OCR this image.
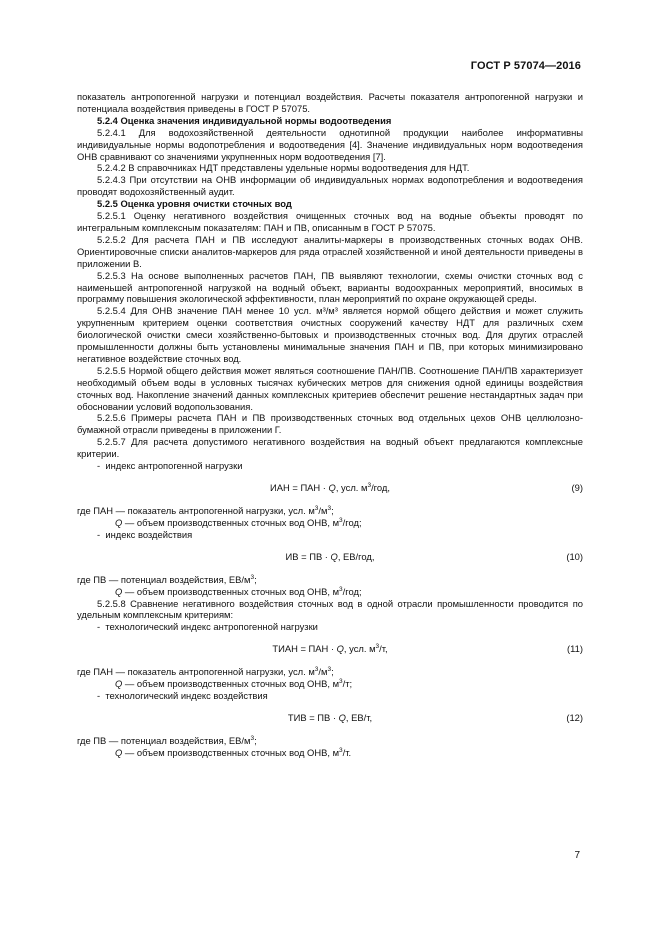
ГОСТ Р 57074—2016

показатель антропогенной нагрузки и потенциал воздействия. Расчеты показателя антропогенной нагрузки и потенциала воздействия приведены в ГОСТ Р 57075.

5.2.4 Оценка значения индивидуальной нормы водоотведения

5.2.4.1 Для водохозяйственной деятельности однотипной продукции наиболее информативны индивидуальные нормы водопотребления и водоотведения [4]. Значение индивидуальных норм водоотведения ОНВ сравнивают со значениями укрупненных норм водоотведения [7].

5.2.4.2 В справочниках НДТ представлены удельные нормы водоотведения для НДТ.

5.2.4.3 При отсутствии на ОНВ информации об индивидуальных нормах водопотребления и водоотведения проводят водохозяйственный аудит.

5.2.5 Оценка уровня очистки сточных вод

5.2.5.1 Оценку негативного воздействия очищенных сточных вод на водные объекты проводят по интегральным комплексным показателям: ПАН и ПВ, описанным в ГОСТ Р 57075.

5.2.5.2 Для расчета ПАН и ПВ исследуют аналиты-маркеры в производственных сточных водах ОНВ. Ориентировочные списки аналитов-маркеров для ряда отраслей хозяйственной и иной деятельности приведены в приложении В.

5.2.5.3 На основе выполненных расчетов ПАН, ПВ выявляют технологии, схемы очистки сточных вод с наименьшей антропогенной нагрузкой на водный объект, варианты водоохранных мероприятий, вносимых в программу повышения экологической эффективности, план мероприятий по охране окружающей среды.

5.2.5.4 Для ОНВ значение ПАН менее 10 усл. м³/м³ является нормой общего действия и может служить укрупненным критерием оценки соответствия очистных сооружений качеству НДТ для различных схем биологической очистки смеси хозяйственно-бытовых и производственных сточных вод. Для других отраслей промышленности должны быть установлены минимальные значения ПАН и ПВ, при которых минимизировано негативное воздействие сточных вод.

5.2.5.5 Нормой общего действия может являться соотношение ПАН/ПВ. Соотношение ПАН/ПВ характеризует необходимый объем воды в условных тысячах кубических метров для снижения одной единицы воздействия сточных вод. Накопление значений данных комплексных критериев обеспечит решение нестандартных задач при обосновании условий водопользования.

5.2.5.6 Примеры расчета ПАН и ПВ производственных сточных вод отдельных цехов ОНВ целлюлозно-бумажной отрасли приведены в приложении Г.

5.2.5.7 Для расчета допустимого негативного воздействия на водный объект предлагаются комплексные критерии.

-  индекс антропогенной нагрузки

ИАН = ПАН · Q, усл. $м^3$/год,	(9)

где ПАН — показатель антропогенной нагрузки, усл. $м^3/м^3$;

Q — объем производственных сточных вод ОНВ, $м^3$/год;

-  индекс воздействия

ИВ = ПВ · Q, ЕВ/год,	(10)

где ПВ — потенциал воздействия, $ЕВ/м^3$;

Q — объем производственных сточных вод ОНВ, $м^3$/год;

5.2.5.8 Сравнение негативного воздействия сточных вод в одной отрасли промышленности проводится по удельным комплексным критериям:

-  технологический индекс антропогенной нагрузки

ТИАН = ПАН · Q, усл. $м^3/т$,	(11)

где ПАН — показатель антропогенной нагрузки, усл. $м^3/м^3$;

Q — объем производственных сточных вод ОНВ, $м^3/т$;

-  технологический индекс воздействия

ТИВ = ПВ · Q, ЕВ/т,	(12)

где ПВ — потенциал воздействия, $ЕВ/м^3$;

Q — объем производственных сточных вод ОНВ, $м^3/т$.

7
